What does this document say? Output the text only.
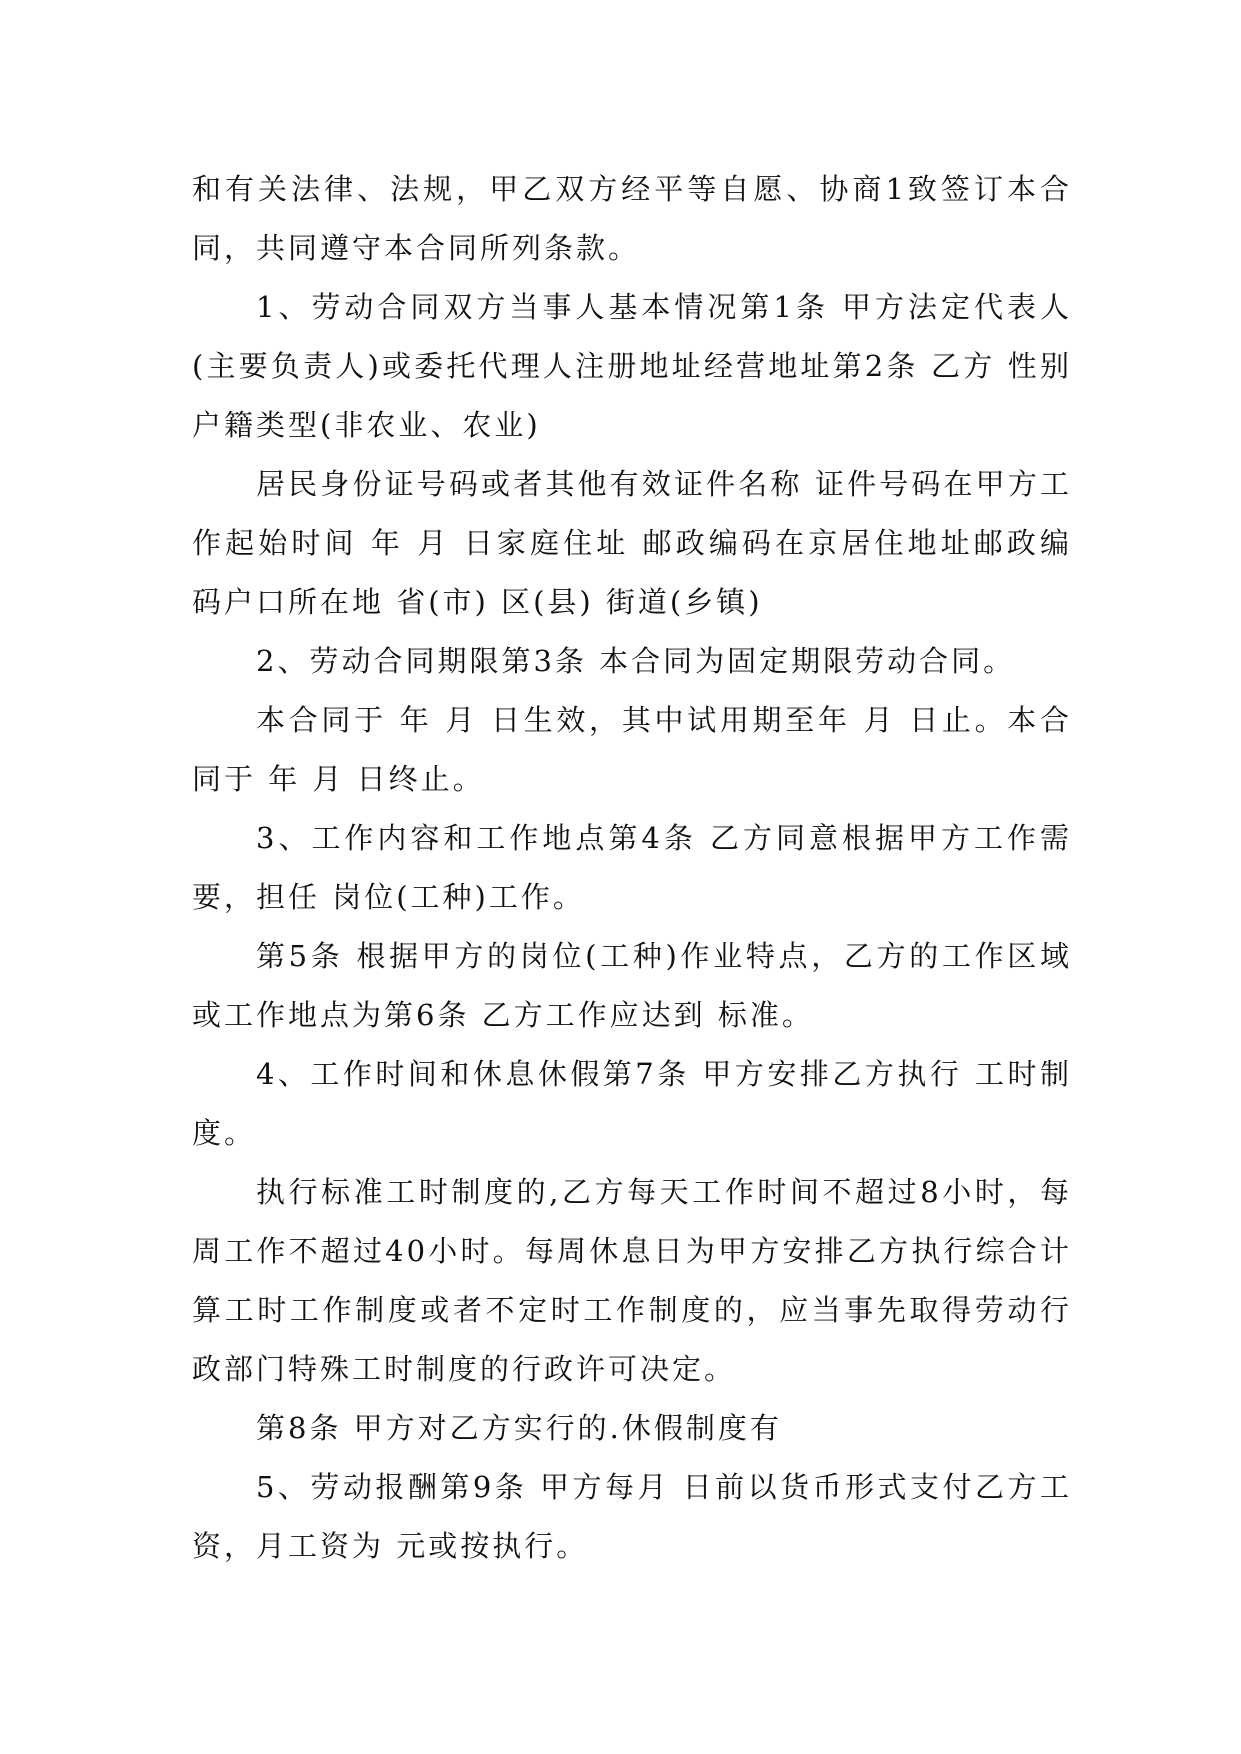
和有关法律、法规，甲乙双方经平等自愿、协商1致签订本合同，共同遵守本合同所列条款。

1、劳动合同双方当事人基本情况第1条 甲方法定代表人(主要负责人)或委托代理人注册地址经营地址第2条 乙方 性别户籍类型(非农业、农业)

居民身份证号码或者其他有效证件名称 证件号码在甲方工作起始时间 年 月 日家庭住址 邮政编码在京居住地址邮政编码户口所在地 省(市) 区(县) 街道(乡镇)

2、劳动合同期限第3条 本合同为固定期限劳动合同。

本合同于 年 月 日生效，其中试用期至年 月 日止。本合同于 年 月 日终止。

3、工作内容和工作地点第4条 乙方同意根据甲方工作需要，担任 岗位(工种)工作。

第5条 根据甲方的岗位(工种)作业特点，乙方的工作区域或工作地点为第6条 乙方工作应达到 标准。

4、工作时间和休息休假第7条 甲方安排乙方执行 工时制度。

执行标准工时制度的,乙方每天工作时间不超过8小时，每周工作不超过40小时。每周休息日为甲方安排乙方执行综合计算工时工作制度或者不定时工作制度的，应当事先取得劳动行政部门特殊工时制度的行政许可决定。

第8条 甲方对乙方实行的.休假制度有

5、劳动报酬第9条 甲方每月 日前以货币形式支付乙方工资，月工资为 元或按执行。
